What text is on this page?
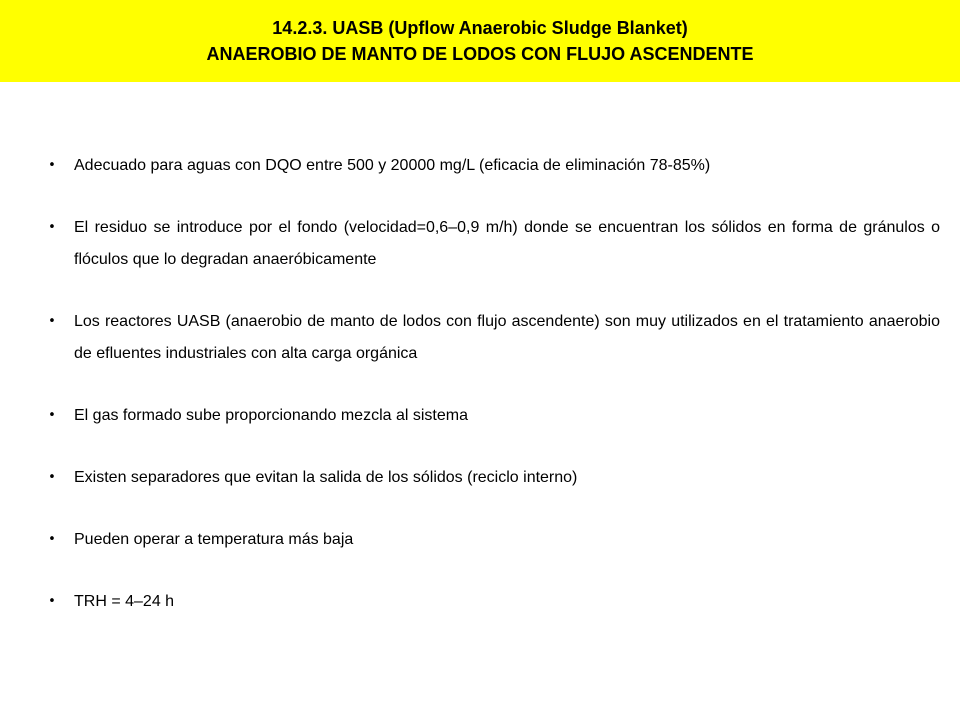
14.2.3. UASB (Upflow Anaerobic Sludge Blanket)
ANAEROBIO DE MANTO DE LODOS CON FLUJO ASCENDENTE
•	Adecuado para aguas con DQO entre 500 y 20000 mg/L (eficacia de eliminación 78-85%)
•	El residuo se introduce por el fondo (velocidad=0,6–0,9 m/h) donde se encuentran los sólidos en forma de gránulos o flóculos que lo degradan anaeróbicamente
•	Los reactores UASB (anaerobio de manto de lodos con flujo ascendente) son muy utilizados en el tratamiento anaerobio de efluentes industriales con alta carga orgánica
•	El gas formado sube proporcionando mezcla al sistema
•	Existen separadores que evitan la salida de los sólidos (reciclo interno)
•	Pueden operar a temperatura más baja
•	TRH = 4–24 h
